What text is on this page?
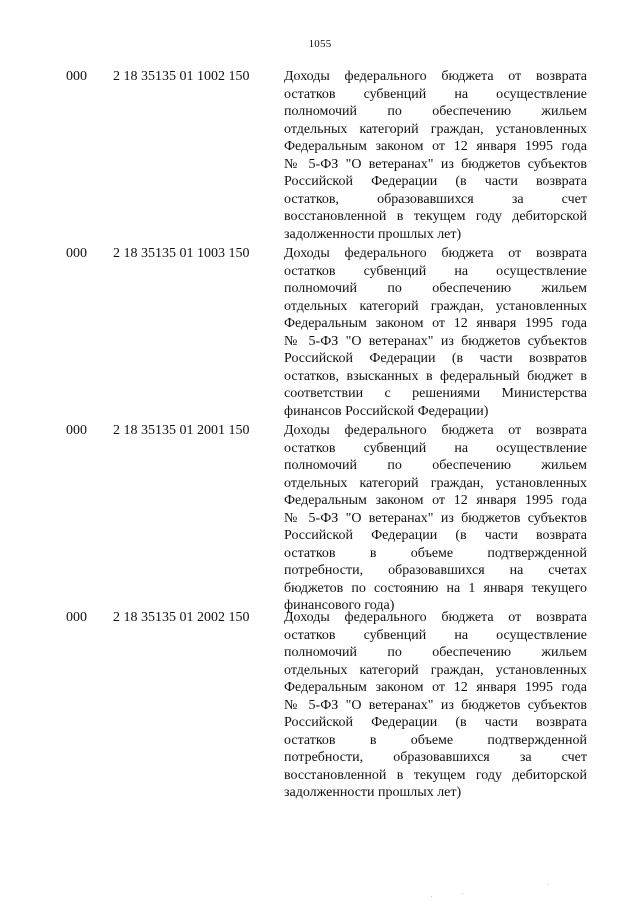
1055
000 2 18 35135 01 1002 150 Доходы федерального бюджета от возврата
остатков субвенций на осуществление
полномочий по обеспечению жильем
отдельных категорий граждан, установленных
Федеральным законом от 12 января 1995 года
№ 5-ФЗ "О ветеранах" из бюджетов субъектов
Российской Федерации (в части возврата
остатков, образовавшихся за счет
восстановленной в текущем году дебиторской
задолженности прошлых лет)
000 2 18 35135 01 1003 150 Доходы федерального бюджета от возврата
остатков субвенций на осуществление
полномочий по обеспечению жильем
отдельных категорий граждан, установленных
Федеральным законом от 12 января 1995 года
№ 5-ФЗ "О ветеранах" из бюджетов субъектов
Российской Федерации (в части возвратов
остатков, взысканных в федеральный бюджет в
соответствии с решениями Министерства
финансов Российской Федерации)
000 2 18 35135 01 2001 150 Доходы федерального бюджета от возврата
остатков субвенций на осуществление
полномочий по обеспечению жильем
отдельных категорий граждан, установленных
Федеральным законом от 12 января 1995 года
№ 5-ФЗ "О ветеранах" из бюджетов субъектов
Российской Федерации (в части возврата
остатков в объеме подтвержденной
потребности, образовавшихся на счетах
бюджетов по состоянию на 1 января текущего
финансового года)
000 2 18 35135 01 2002 150 Доходы федерального бюджета от возврата
остатков субвенций на осуществление
полномочий по обеспечению жильем
отдельных категорий граждан, установленных
Федеральным законом от 12 января 1995 года
№ 5-ФЗ "О ветеранах" из бюджетов субъектов
Российской Федерации (в части возврата
остатков в объеме подтвержденной
потребности, образовавшихся за счет
восстановленной в текущем году дебиторской
задолженности прошлых лет)
